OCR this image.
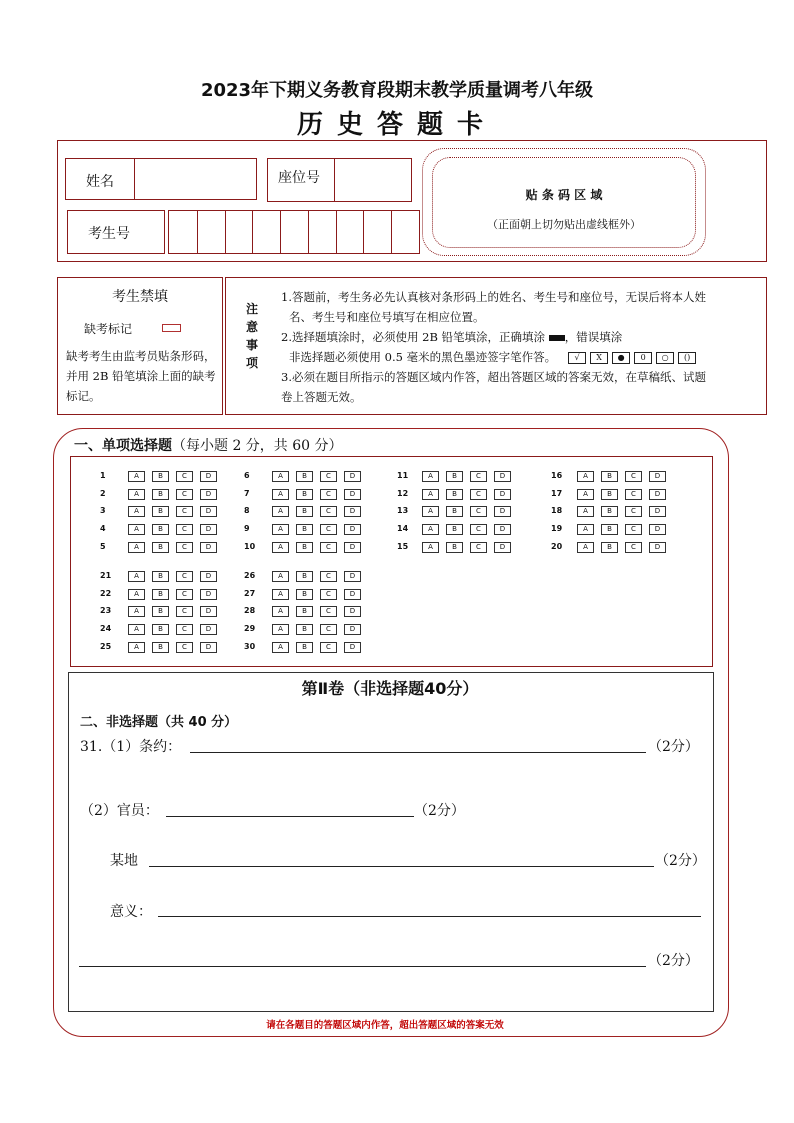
2023年下期义务教育段期末教学质量调考八年级
历史答题卡
姓名	座位号
考生号
贴 条 码 区 域
（正面朝上切勿贴出虚线框外）
考生禁填
缺考标记
缺考考生由监考员贴条形码，并用 2B 铅笔填涂上面的缺考标记。
注意事项
1.答题前，考生务必先认真核对条形码上的姓名、考生号和座位号，无误后将本人姓
名、考生号和座位号填写在相应位置。
2.选择题填涂时，必须使用 2B 铅笔填涂，正确填涂 ，错误填涂
非选择题必须使用 0.5 毫米的黑色墨迹签字笔作答。 √ X ● 0 ○ ()
3.必须在题目所指示的答题区域内作答，超出答题区域的答案无效，在草稿纸、试题
卷上答题无效。
一、单项选择题（每小题 2 分，共 60 分）
1	A	B	C	D
2	A	B	C	D
3	A	B	C	D
4	A	B	C	D
5	A	B	C	D
6	A	B	C	D
7	A	B	C	D
8	A	B	C	D
9	A	B	C	D
10	A	B	C	D
11	A	B	C	D
12	A	B	C	D
13	A	B	C	D
14	A	B	C	D
15	A	B	C	D
16	A	B	C	D
17	A	B	C	D
18	A	B	C	D
19	A	B	C	D
20	A	B	C	D
21	A	B	C	D
22	A	B	C	D
23	A	B	C	D
24	A	B	C	D
25	A	B	C	D
26	A	B	C	D
27	A	B	C	D
28	A	B	C	D
29	A	B	C	D
30	A	B	C	D
第Ⅱ卷（非选择题40分）
二、非选择题（共 40 分）
31.（1）条约：	（2分）
（2）官员：	（2分）
某地	（2分）
意义：
（2分）
请在各题目的答题区域内作答，超出答题区域的答案无效
